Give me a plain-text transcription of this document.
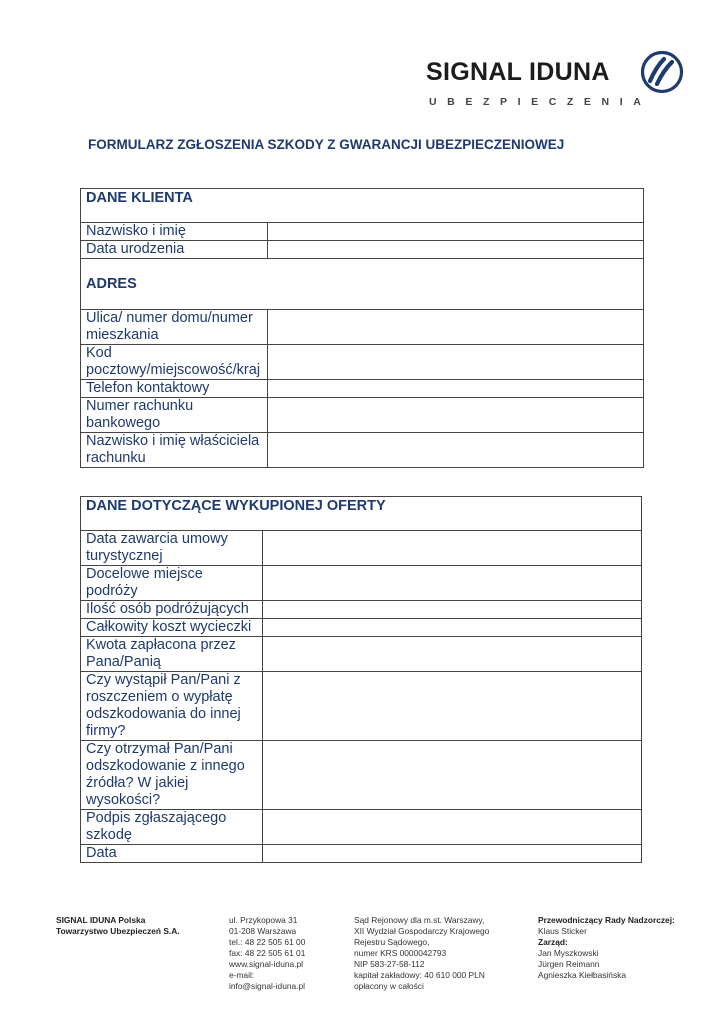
SIGNAL IDUNA
UBEZPIECZENIA
FORMULARZ ZGŁOSZENIA SZKODY Z GWARANCJI UBEZPIECZENIOWEJ
DANE KLIENTA	
Nazwisko i imię	
Data urodzenia	
ADRES	
Ulica/ numer domu/numer mieszkania	
Kod pocztowy/miejscowość/kraj	
Telefon kontaktowy	
Numer rachunku bankowego	
Nazwisko i imię właściciela rachunku	
DANE DOTYCZĄCE WYKUPIONEJ OFERTY	
Data zawarcia umowy turystycznej	
Docelowe miejsce podróży	
Ilość osób podróżujących	
Całkowity koszt wycieczki	
Kwota zapłacona przez Pana/Panią	
Czy wystąpił Pan/Pani z roszczeniem o wypłatę odszkodowania do innej firmy?	
Czy otrzymał Pan/Pani odszkodowanie z innego źródła? W jakiej wysokości?	
Podpis zgłaszającego szkodę	
Data	
SIGNAL IDUNA Polska
Towarzystwo Ubezpieczeń S.A.
ul. Przykopowa 31
01-208 Warszawa
tel.: 48 22 505 61 00
fax: 48 22 505 61 01
www.signal-iduna.pl
e-mail:
info@signal-iduna.pl
Sąd Rejonowy dla m.st. Warszawy,
XII Wydział Gospodarczy Krajowego
Rejestru Sądowego,
numer KRS 0000042793
NIP 583-27-58-112
kapitał zakładowy: 40 610 000 PLN
opłacony w całości
Przewodniczący Rady Nadzorczej:
Klaus Sticker
Zarząd:
Jan Myszkowski
Jürgen Reimann
Agnieszka Kiełbasińska
